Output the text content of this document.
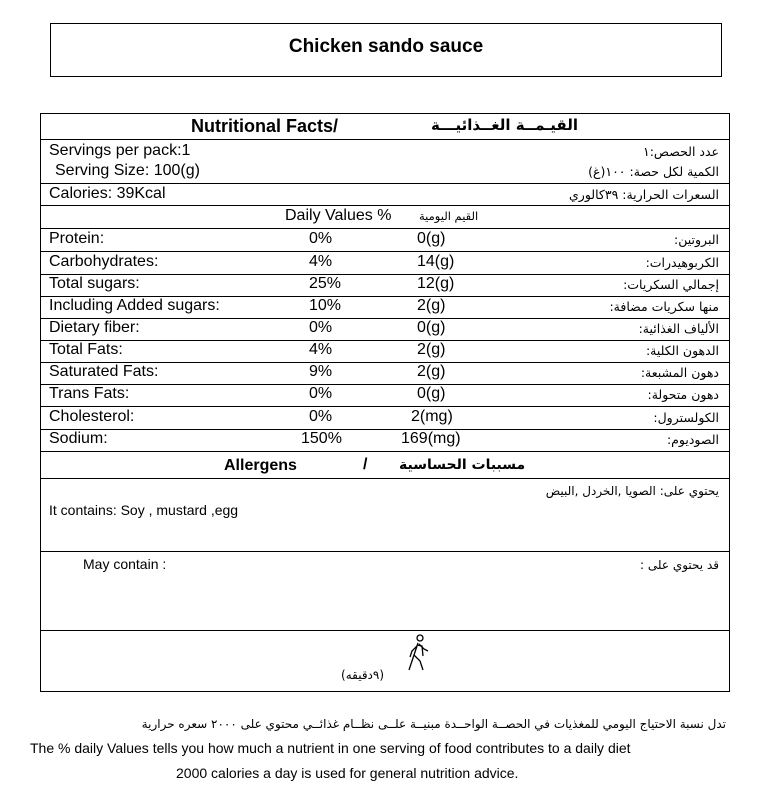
Chicken sando sauce
Nutritional Facts/	القيـمــة الغــذائيـــة
Servings per pack:1	عدد الحصص:١
Serving Size: 100(g)	الكمية لكل حصة: ١٠٠(غ)
Calories: 39Kcal	السعرات الحرارية: ٣٩كالوري
Daily Values % القيم اليومية
Protein:	0%	0(g)	البروتين:
Carbohydrates:	4%	14(g)	الكربوهيدرات:
Total sugars:	25%	12(g)	إجمالي السكريات:
Including Added sugars:	10%	2(g)	منها سكريات مضافة:
Dietary fiber:	0%	0(g)	الألياف الغذائية:
Total Fats:	4%	2(g)	الدهون الكلية:
Saturated Fats:	9%	2(g)	دهون المشبعة:
Trans Fats:	0%	0(g)	دهون متحولة:
Cholesterol:	0%	2(mg)	الكولسترول:
Sodium:	150%	169(mg)	الصوديوم:
Allergens	/ مسببات الحساسية
يحتوي على: الصويا ,الخردل ,البيض
It contains: Soy , mustard ,egg
May contain :	قد يحتوي على :
(٩دقيقه)
تدل نسبة الاحتياج اليومي للمغذيات في الحصــة الواحــدة مبنيــة علــى نظــام غذائــي محتوي على ٢٠٠٠ سعره حرارية
The % daily Values tells you how much a nutrient in one serving of food contributes to a daily diet
2000 calories a day is used for general nutrition advice.
